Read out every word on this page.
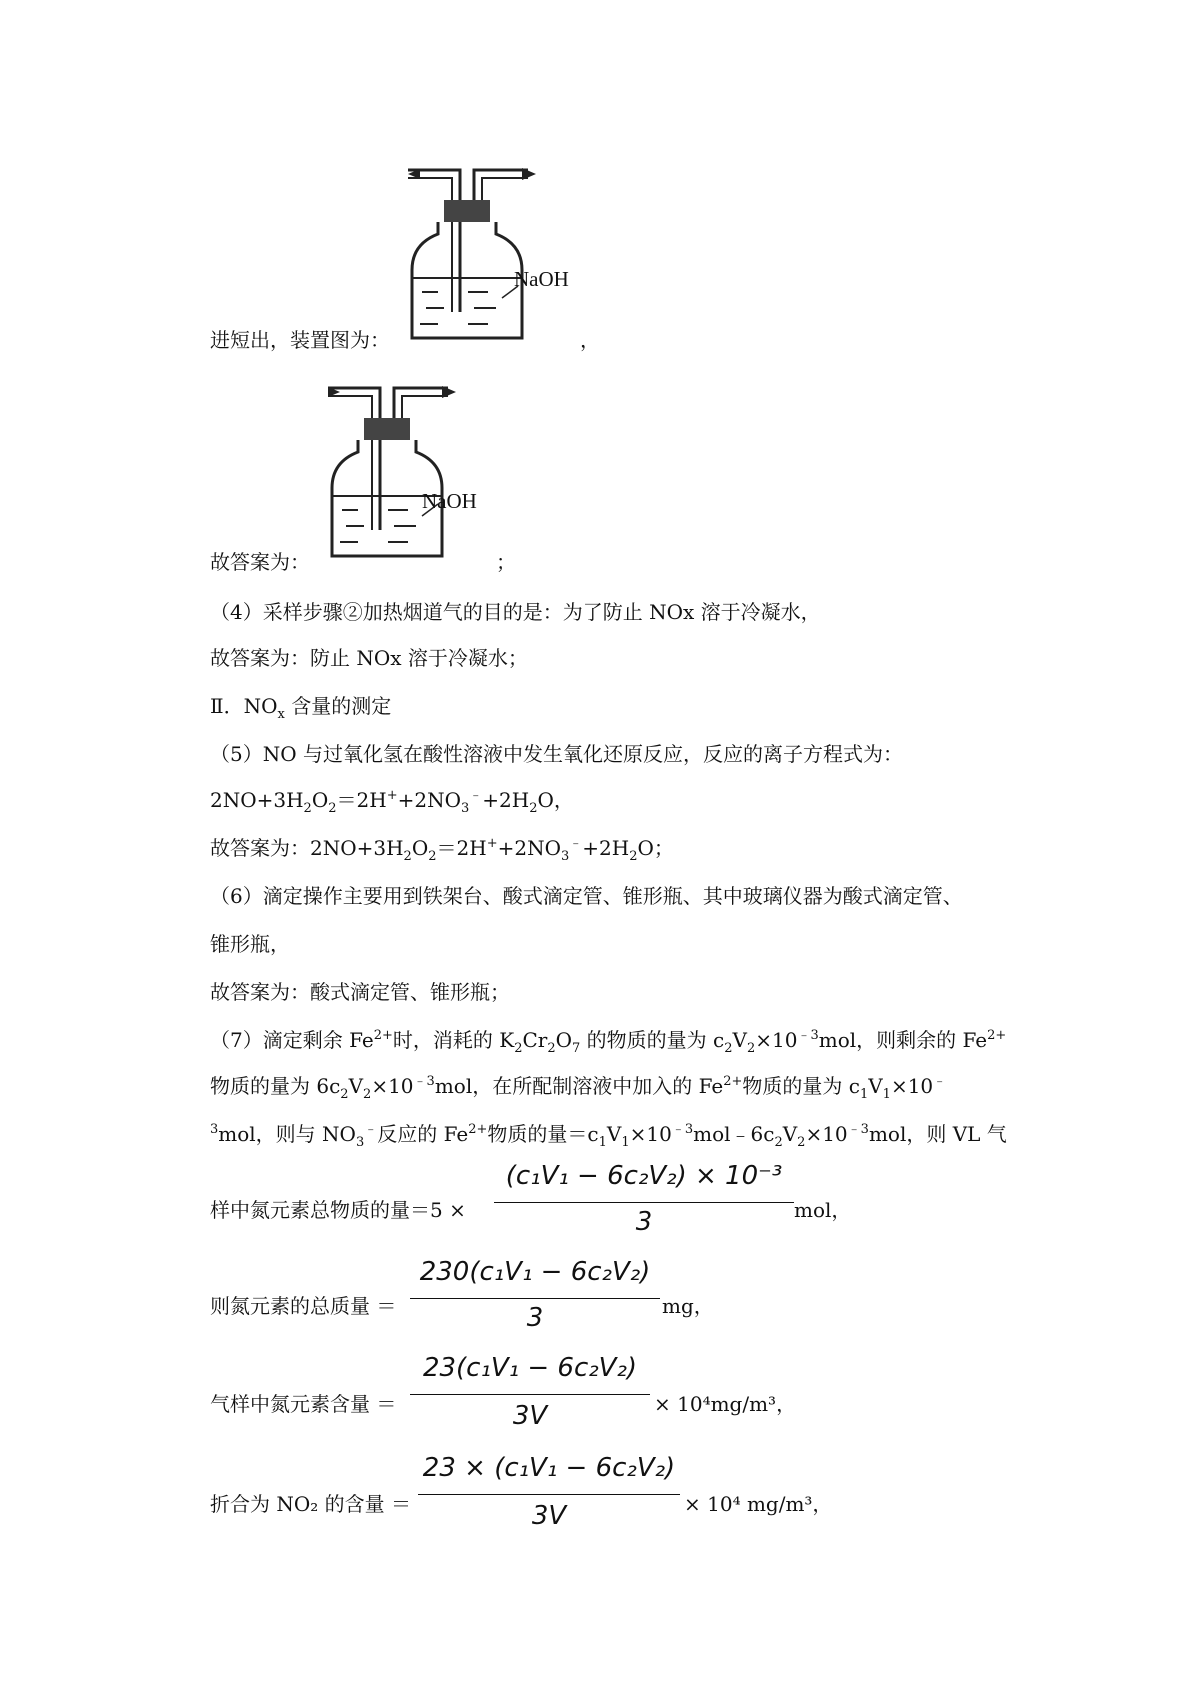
进短出，装置图为：	，
NaOH
故答案为：	；
NaOH
（4）采样步骤②加热烟道气的目的是：为了防止 NOx 溶于冷凝水，
故答案为：防止 NOx 溶于冷凝水；
Ⅱ．$NO_x$ 含量的测定
（5）NO 与过氧化氢在酸性溶液中发生氧化还原反应，反应的离子方程式为：
$2NO+3H_2O_2=2H^++2NO_3^﹣+2H_2O$，
故答案为：$2NO+3H_2O_2=2H^++2NO_3^﹣+2H_2O$；
（6）滴定操作主要用到铁架台、酸式滴定管、锥形瓶、其中玻璃仪器为酸式滴定管、
锥形瓶，
故答案为：酸式滴定管、锥形瓶；
（7）滴定剩余 $Fe^{2+}$时，消耗的 $K_2Cr_2O_7$ 的物质的量为 $c_2V_2\times 10^{﹣3}mol$，则剩余的 $Fe^{2+}$
物质的量为 $6c_2V_2\times 10^{﹣3}mol$，在所配制溶液中加入的 $Fe^{2+}$物质的量为 $c_1V_1\times 10^﹣$
$^3$mol，则与 $NO_3^﹣$反应的 $Fe^{2+}$物质的量$=c_1V_1\times 10^{﹣3}mol﹣6c_2V_2\times 10^{﹣3}mol$，则 VL 气
样中氮元素总物质的量＝5 ×
(c₁V₁ − 6c₂V₂) × 10⁻³
3	mol，
则氮元素的总质量 ＝
230(c₁V₁ − 6c₂V₂)
3	mg，
气样中氮元素含量 ＝
23(c₁V₁ − 6c₂V₂)
3V	× 10⁴mg/m³，
折合为 NO₂ 的含量 ＝
23 × (c₁V₁ − 6c₂V₂)
3V	× 10⁴ mg/m³，
